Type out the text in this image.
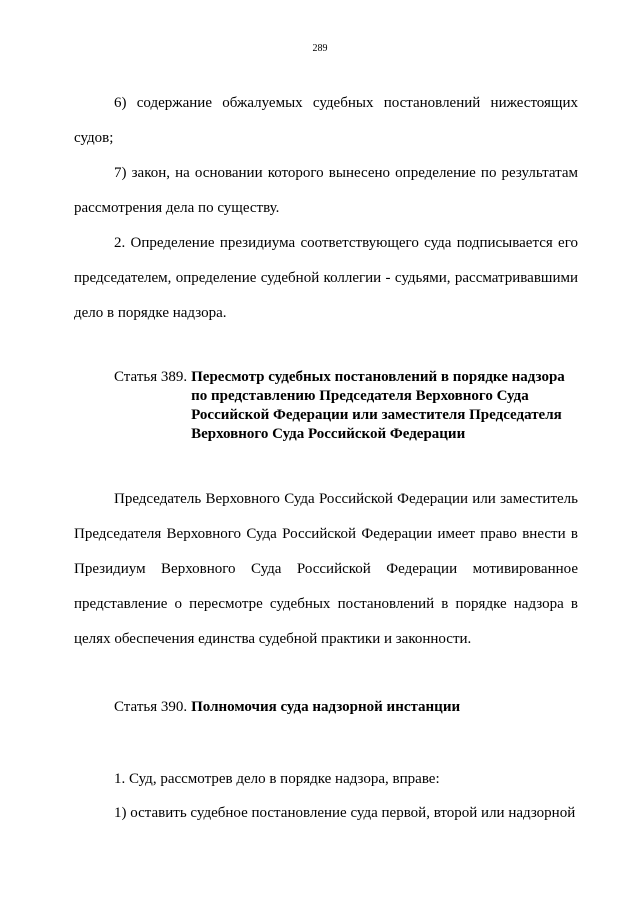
289
6) содержание обжалуемых судебных постановлений нижестоящих судов;
7) закон, на основании которого вынесено определение по результатам рассмотрения дела по существу.
2. Определение президиума соответствующего суда подписывается его председателем, определение судебной коллегии - судьями, рассматривавшими дело в порядке надзора.
Статья 389. Пересмотр судебных постановлений в порядке надзора по представлению Председателя Верховного Суда Российской Федерации или заместителя Председателя Верховного Суда Российской Федерации
Председатель Верховного Суда Российской Федерации или заместитель Председателя Верховного Суда Российской Федерации имеет право внести в Президиум Верховного Суда Российской Федерации мотивированное представление о пересмотре судебных постановлений в порядке надзора в целях обеспечения единства судебной практики и законности.
Статья 390. Полномочия суда надзорной инстанции
1. Суд, рассмотрев дело в порядке надзора, вправе:
1) оставить судебное постановление суда первой, второй или надзорной
